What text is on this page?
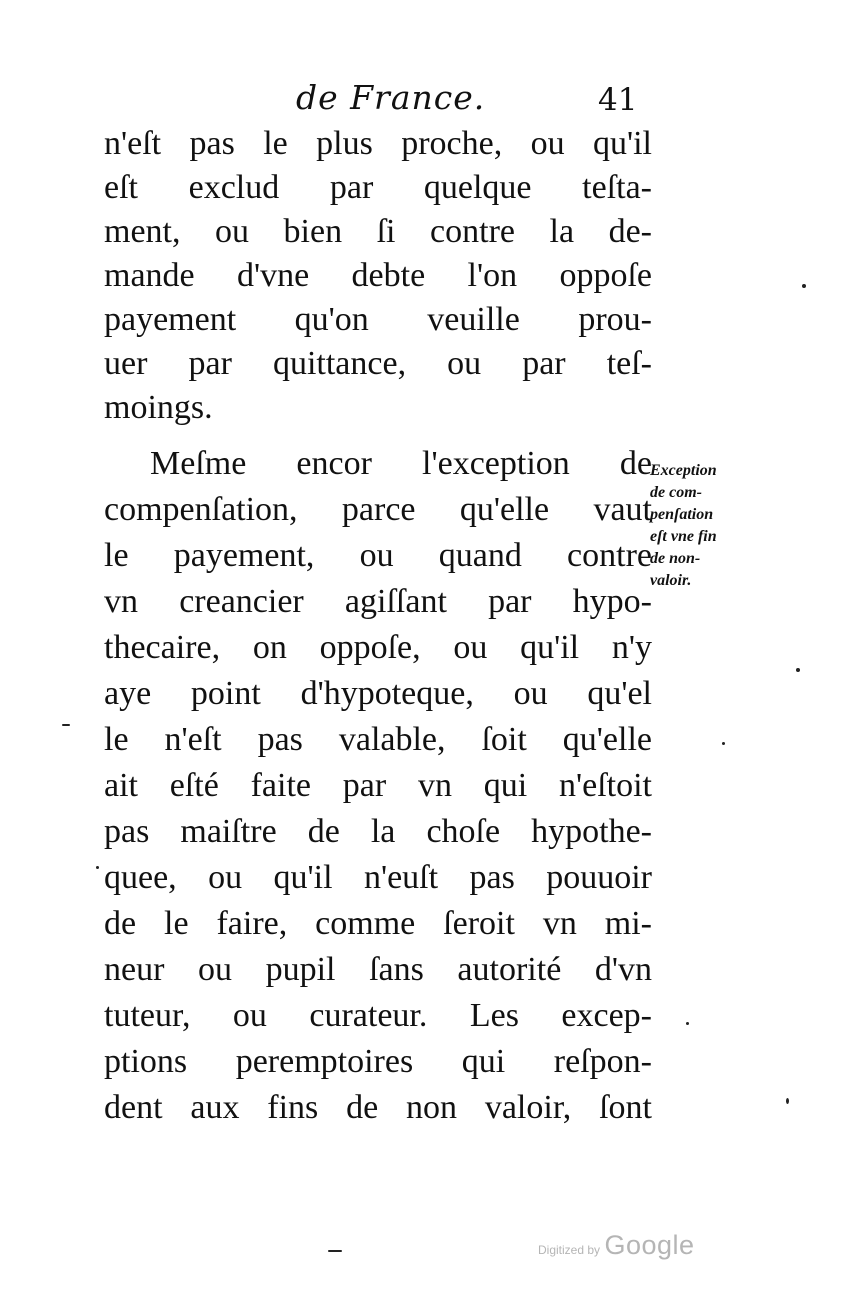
de France.	41
n'eſt pas le plus proche, ou qu'il
eſt exclud par quelque teſta-
ment, ou bien ſi contre la de-
mande d'vne debte l'on oppoſe
payement qu'on veuille prou-
uer par quittance, ou par teſ-
moings.
Meſme encor l'exception de
compenſation, parce qu'elle vaut
le payement, ou quand contre
vn creancier agiſſant par hypo-
thecaire, on oppoſe, ou qu'il n'y
aye point d'hypoteque, ou qu'el
le n'eſt pas valable, ſoit qu'elle
ait eſté faite par vn qui n'eſtoit
pas maiſtre de la choſe hypothe-
quee, ou qu'il n'euſt pas pouuoir
de le faire, comme ſeroit vn mi-
neur ou pupil ſans autorité d'vn
tuteur, ou curateur. Les excep-
ptions peremptoires qui reſpon-
dent aux fins de non valoir, ſont
Exception
de com-
penſation
eſt vne fin
de non-
valoir.
Digitized by Google
